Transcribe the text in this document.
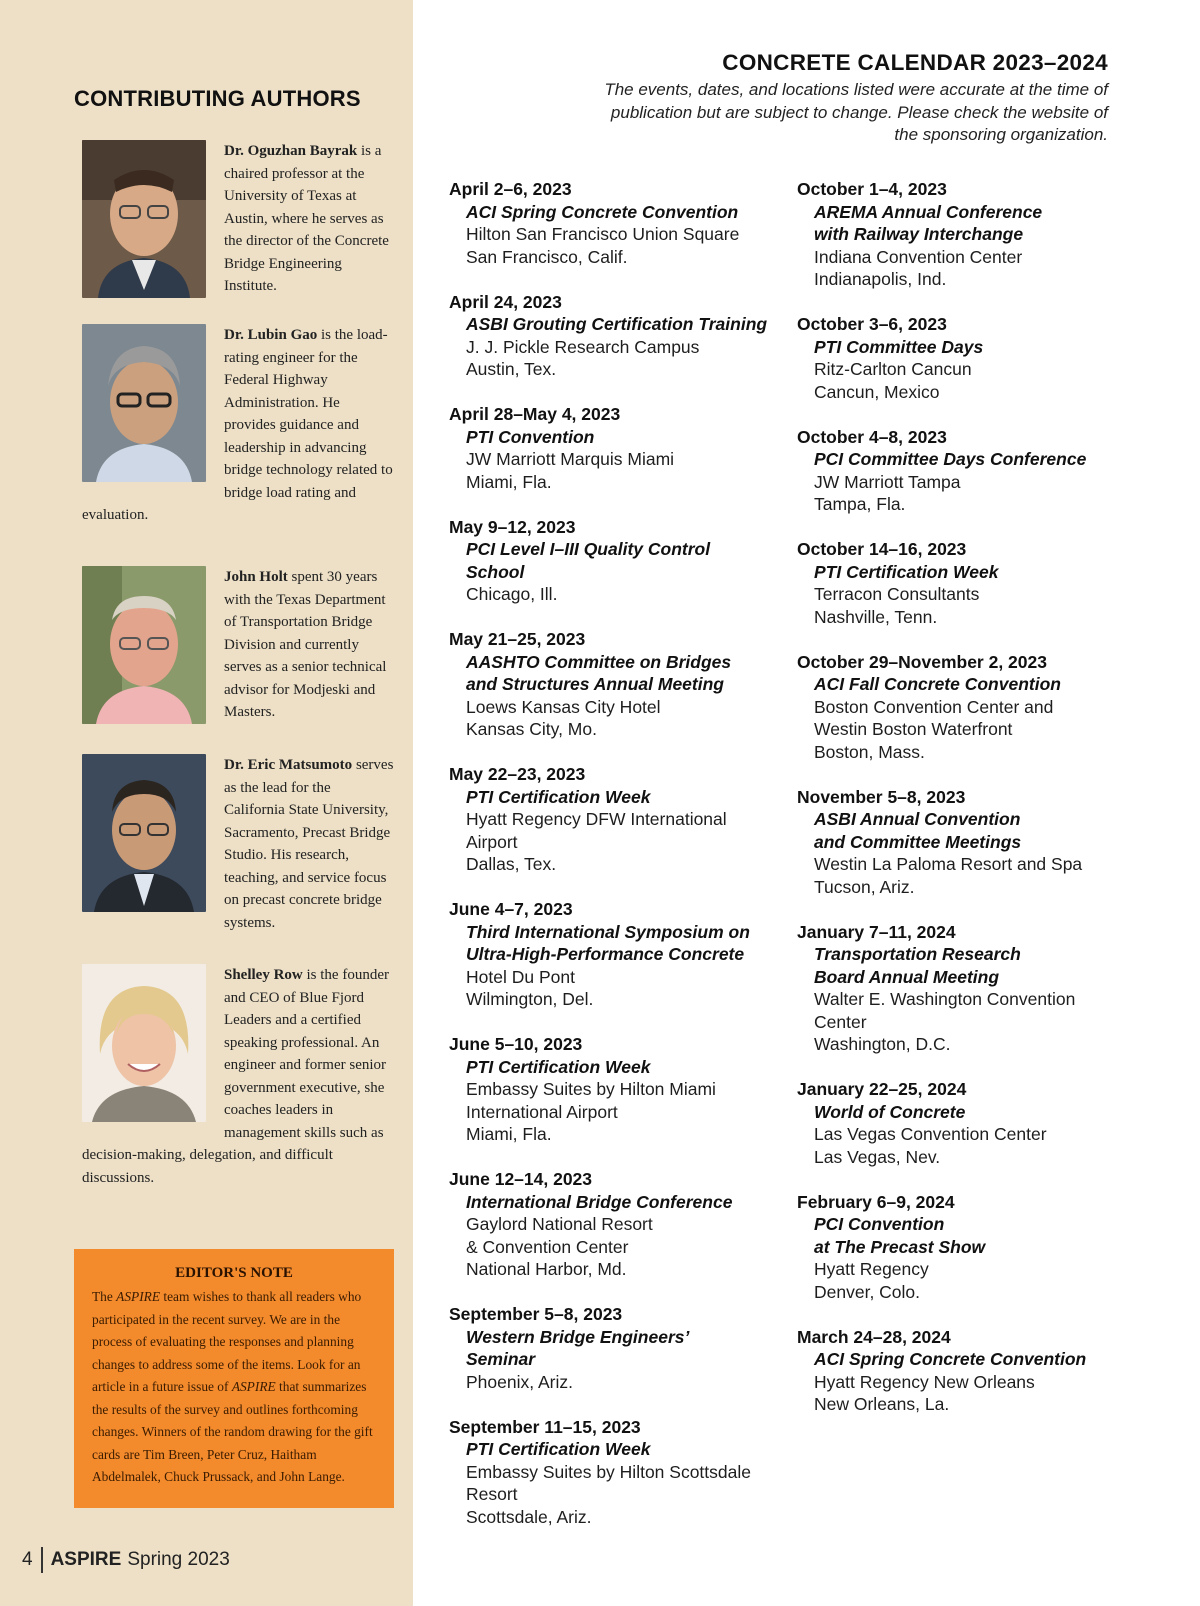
CONTRIBUTING AUTHORS

Dr. Oguzhan Bayrak is a chaired professor at the University of Texas at Austin, where he serves as the director of the Concrete Bridge Engineering Institute.

Dr. Lubin Gao is the load-rating engineer for the Federal Highway Administration. He provides guidance and leadership in advancing bridge technology related to bridge load rating and evaluation.

John Holt spent 30 years with the Texas Department of Transportation Bridge Division and currently serves as a senior technical advisor for Modjeski and Masters.

Dr. Eric Matsumoto serves as the lead for the California State University, Sacramento, Precast Bridge Studio. His research, teaching, and service focus on precast concrete bridge systems.

Shelley Row is the founder and CEO of Blue Fjord Leaders and a certified speaking professional. An engineer and former senior government executive, she coaches leaders in management skills such as decision-making, delegation, and difficult discussions.

EDITOR'S NOTE
The ASPIRE team wishes to thank all readers who participated in the recent survey. We are in the process of evaluating the responses and planning changes to address some of the items. Look for an article in a future issue of ASPIRE that summarizes the results of the survey and outlines forthcoming changes. Winners of the random drawing for the gift cards are Tim Breen, Peter Cruz, Haitham Abdelmalek, Chuck Prussack, and John Lange.
4 ASPIRE Spring 2023
CONCRETE CALENDAR 2023–2024
The events, dates, and locations listed were accurate at the time of publication but are subject to change. Please check the website of the sponsoring organization.
April 2–6, 2023
ACI Spring Concrete Convention
Hilton San Francisco Union Square
San Francisco, Calif.
April 24, 2023
ASBI Grouting Certification Training
J. J. Pickle Research Campus
Austin, Tex.
April 28–May 4, 2023
PTI Convention
JW Marriott Marquis Miami
Miami, Fla.
May 9–12, 2023
PCI Level I–III Quality Control
School
Chicago, Ill.
May 21–25, 2023
AASHTO Committee on Bridges
and Structures Annual Meeting
Loews Kansas City Hotel
Kansas City, Mo.
May 22–23, 2023
PTI Certification Week
Hyatt Regency DFW International
Airport
Dallas, Tex.
June 4–7, 2023
Third International Symposium on
Ultra-High-Performance Concrete
Hotel Du Pont
Wilmington, Del.
June 5–10, 2023
PTI Certification Week
Embassy Suites by Hilton Miami
International Airport
Miami, Fla.
June 12–14, 2023
International Bridge Conference
Gaylord National Resort
& Convention Center
National Harbor, Md.
September 5–8, 2023
Western Bridge Engineers’
Seminar
Phoenix, Ariz.
September 11–15, 2023
PTI Certification Week
Embassy Suites by Hilton Scottsdale
Resort
Scottsdale, Ariz.
October 1–4, 2023
AREMA Annual Conference
with Railway Interchange
Indiana Convention Center
Indianapolis, Ind.
October 3–6, 2023
PTI Committee Days
Ritz-Carlton Cancun
Cancun, Mexico
October 4–8, 2023
PCI Committee Days Conference
JW Marriott Tampa
Tampa, Fla.
October 14–16, 2023
PTI Certification Week
Terracon Consultants
Nashville, Tenn.
October 29–November 2, 2023
ACI Fall Concrete Convention
Boston Convention Center and
Westin Boston Waterfront
Boston, Mass.
November 5–8, 2023
ASBI Annual Convention
and Committee Meetings
Westin La Paloma Resort and Spa
Tucson, Ariz.
January 7–11, 2024
Transportation Research
Board Annual Meeting
Walter E. Washington Convention
Center
Washington, D.C.
January 22–25, 2024
World of Concrete
Las Vegas Convention Center
Las Vegas, Nev.
February 6–9, 2024
PCI Convention
at The Precast Show
Hyatt Regency
Denver, Colo.
March 24–28, 2024
ACI Spring Concrete Convention
Hyatt Regency New Orleans
New Orleans, La.
